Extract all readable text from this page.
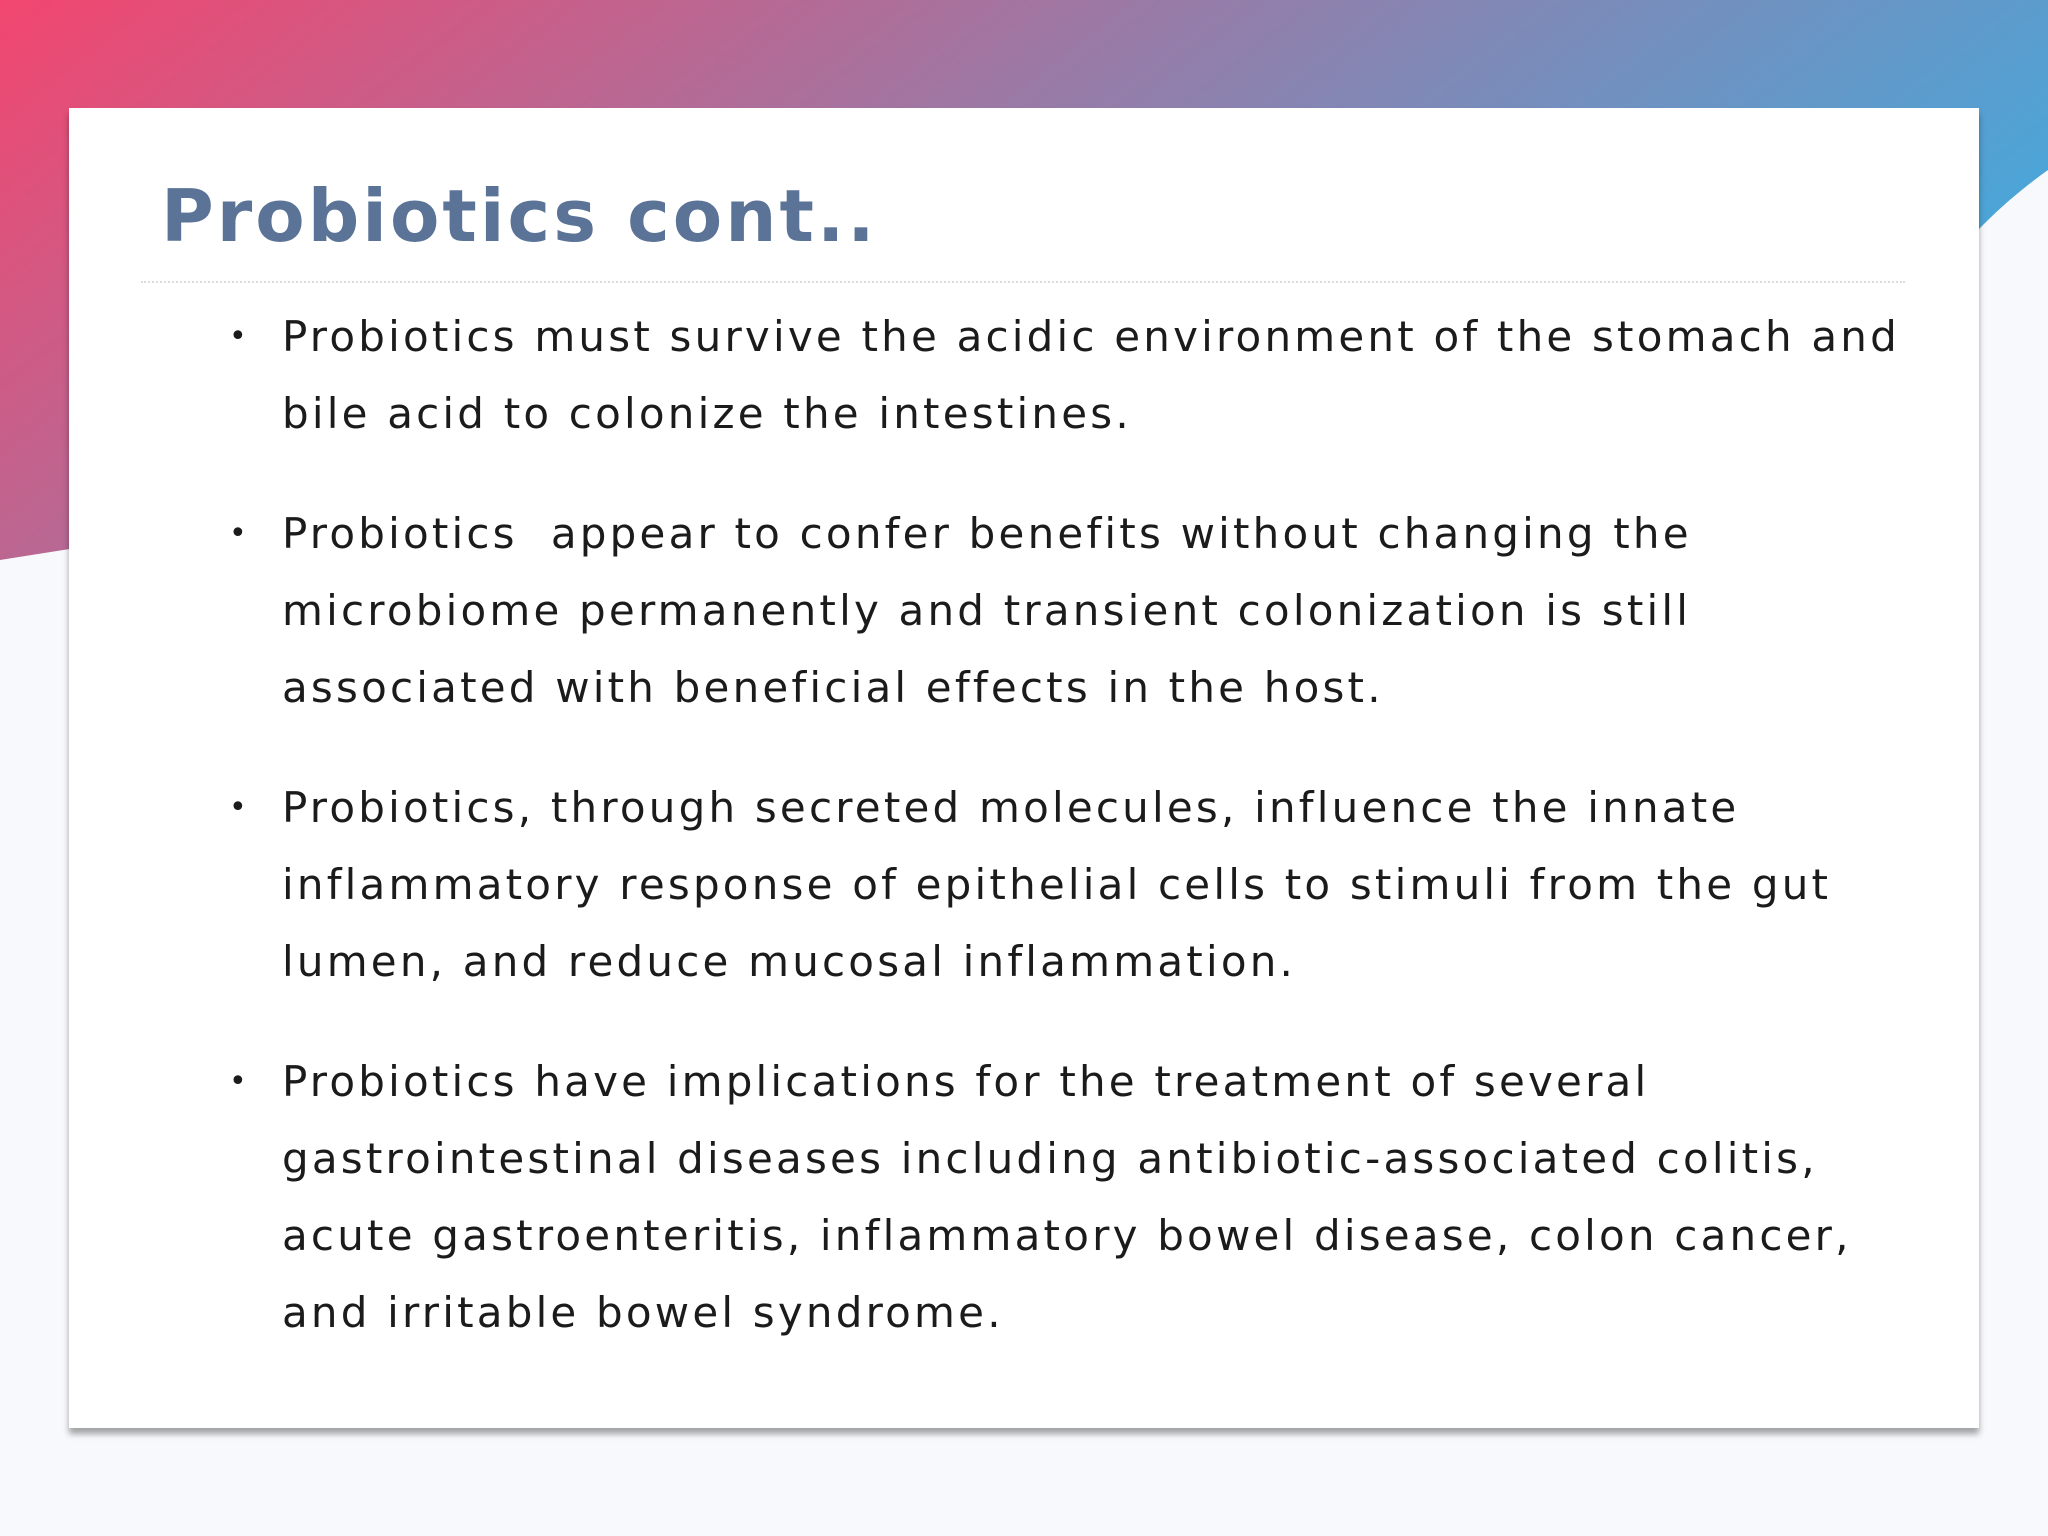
Probiotics cont..
• Probiotics must survive the acidic environment of the stomach and bile acid to colonize the intestines.
• Probiotics  appear to confer benefits without changing the microbiome permanently and transient colonization is still associated with beneficial effects in the host.
• Probiotics, through secreted molecules, influence the innate inflammatory response of epithelial cells to stimuli from the gut lumen, and reduce mucosal inflammation.
• Probiotics have implications for the treatment of several gastrointestinal diseases including antibiotic-associated colitis, acute gastroenteritis, inflammatory bowel disease, colon cancer, and irritable bowel syndrome.
